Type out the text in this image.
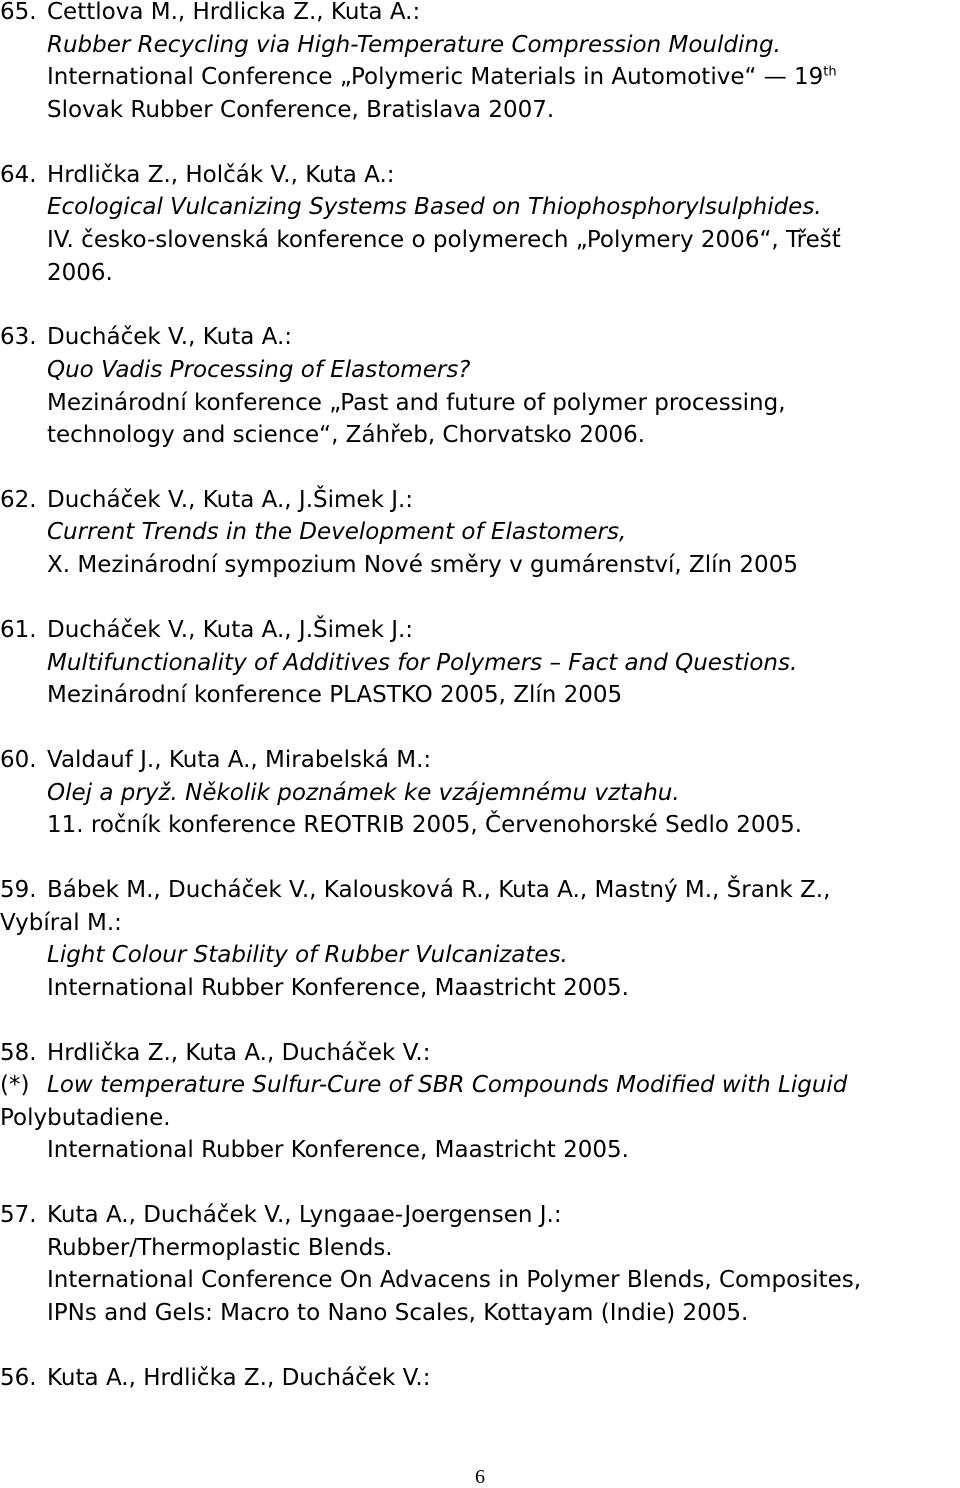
65. Cettlova M., Hrdlicka Z., Kuta A.:
Rubber Recycling via High-Temperature Compression Moulding.
International Conference „Polymeric Materials in Automotive“ — 19th
Slovak Rubber Conference, Bratislava 2007.
64. Hrdlička Z., Holčák V., Kuta A.:
Ecological Vulcanizing Systems Based on Thiophosphorylsulphides.
IV. česko-slovenská konference o polymerech „Polymery 2006“, Třešť
2006.
63. Ducháček V., Kuta A.:
Quo Vadis Processing of Elastomers?
Mezinárodní konference „Past and future of polymer processing,
technology and science“, Záhřeb, Chorvatsko 2006.
62. Ducháček V., Kuta A., J.Šimek J.:
Current Trends in the Development of Elastomers,
X. Mezinárodní sympozium Nové směry v gumárenství, Zlín 2005
61. Ducháček V., Kuta A., J.Šimek J.:
Multifunctionality of Additives for Polymers – Fact and Questions.
Mezinárodní konference PLASTKO 2005, Zlín 2005
60. Valdauf J., Kuta A., Mirabelská M.:
Olej a pryž. Několik poznámek ke vzájemnému vztahu.
11. ročník konference REOTRIB 2005, Červenohorské Sedlo 2005.
59. Bábek M., Ducháček V., Kalousková R., Kuta A., Mastný M., Šrank Z.,
Vybíral M.:
Light Colour Stability of Rubber Vulcanizates.
International Rubber Konference, Maastricht 2005.
58. Hrdlička Z., Kuta A., Ducháček V.:
(*) Low temperature Sulfur-Cure of SBR Compounds Modified with Liguid
Polybutadiene.
International Rubber Konference, Maastricht 2005.
57. Kuta A., Ducháček V., Lyngaae-Joergensen J.:
Rubber/Thermoplastic Blends.
International Conference On Advacens in Polymer Blends, Composites,
IPNs and Gels: Macro to Nano Scales, Kottayam (Indie) 2005.
56. Kuta A., Hrdlička Z., Ducháček V.:
6
